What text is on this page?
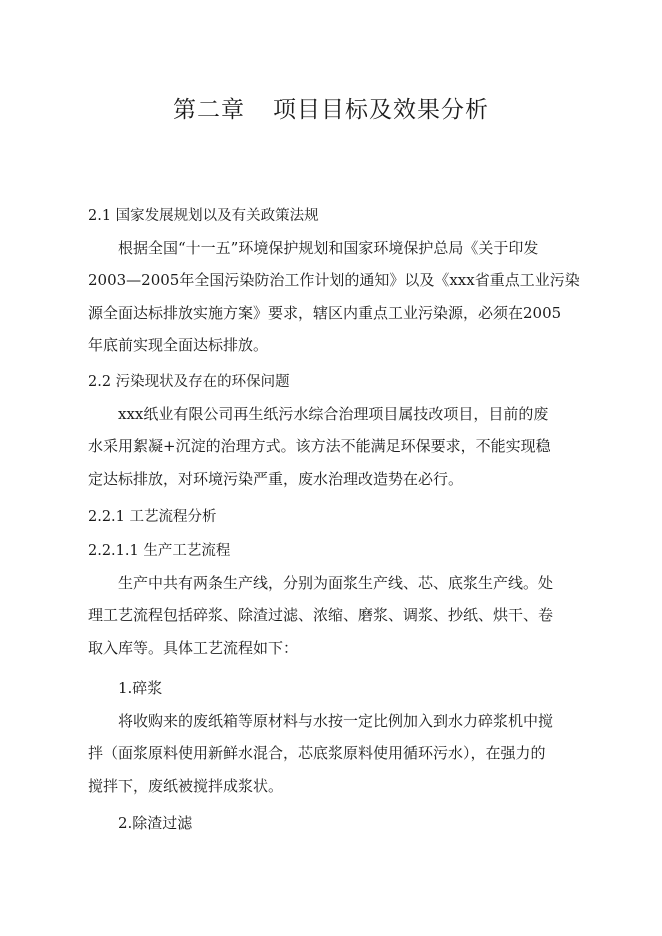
第二章 项目目标及效果分析
2.1 国家发展规划以及有关政策法规
根据全国“十一五”环境保护规划和国家环境保护总局《关于印发
2003—2005年全国污染防治工作计划的通知》以及《xxx省重点工业污染
源全面达标排放实施方案》要求，辖区内重点工业污染源，必须在2005
年底前实现全面达标排放。
2.2 污染现状及存在的环保问题
xxx纸业有限公司再生纸污水综合治理项目属技改项目，目前的废
水采用絮凝+沉淀的治理方式。该方法不能满足环保要求，不能实现稳
定达标排放，对环境污染严重，废水治理改造势在必行。
2.2.1 工艺流程分析
2.2.1.1 生产工艺流程
生产中共有两条生产线，分别为面浆生产线、芯、底浆生产线。处
理工艺流程包括碎浆、除渣过滤、浓缩、磨浆、调浆、抄纸、烘干、卷
取入库等。具体工艺流程如下：
1.碎浆
将收购来的废纸箱等原材料与水按一定比例加入到水力碎浆机中搅
拌（面浆原料使用新鲜水混合，芯底浆原料使用循环污水），在强力的
搅拌下，废纸被搅拌成浆状。
2.除渣过滤
